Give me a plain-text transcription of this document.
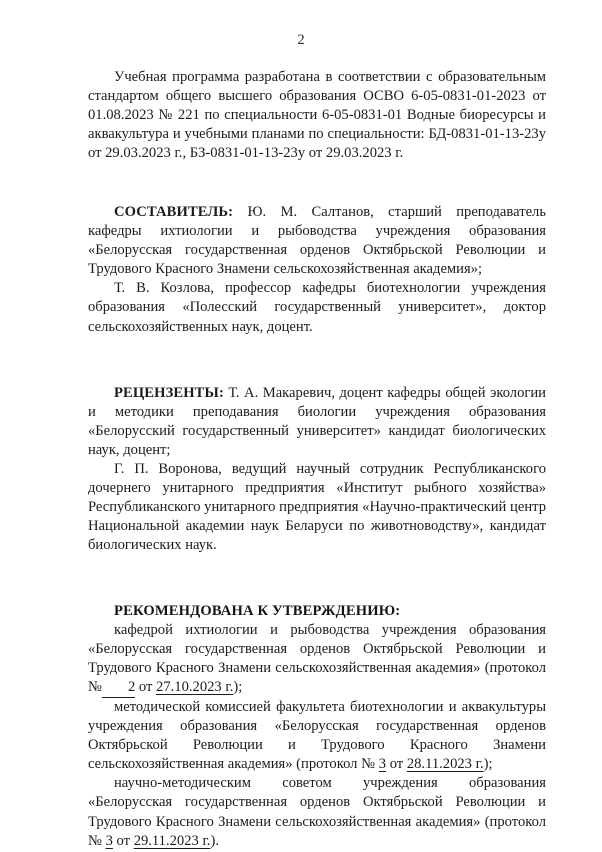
2

Учебная программа разработана в соответствии с образовательным стандартом общего высшего образования ОСВО 6-05-0831-01-2023 от 01.08.2023 № 221 по специальности 6-05-0831-01 Водные биоресурсы и аквакультура и учебными планами по специальности: БД-0831-01-13-23у от 29.03.2023 г., БЗ-0831-01-13-23у от 29.03.2023 г.

СОСТАВИТЕЛЬ: Ю. М. Салтанов, старший преподаватель кафедры ихтиологии и рыбоводства учреждения образования «Белорусская государственная орденов Октябрьской Революции и Трудового Красного Знамени сельскохозяйственная академия»;

Т. В. Козлова, профессор кафедры биотехнологии учреждения образования «Полесский государственный университет», доктор сельскохозяйственных наук, доцент.

РЕЦЕНЗЕНТЫ: Т. А. Макаревич, доцент кафедры общей экологии и методики преподавания биологии учреждения образования «Белорусский государственный университет» кандидат биологических наук, доцент;

Г. П. Воронова, ведущий научный сотрудник Республиканского дочернего унитарного предприятия «Институт рыбного хозяйства» Республиканского унитарного предприятия «Научно-практический центр Национальной академии наук Беларуси по животноводству», кандидат биологических наук.

РЕКОМЕНДОВАНА К УТВЕРЖДЕНИЮ:

кафедрой ихтиологии и рыбоводства учреждения образования «Белорусская государственная орденов Октябрьской Революции и Трудового Красного Знамени сельскохозяйственная академия» (протокол № 2 от 27.10.2023 г.);

методической комиссией факультета биотехнологии и аквакультуры учреждения образования «Белорусская государственная орденов Октябрьской Революции и Трудового Красного Знамени сельскохозяйственная академия» (протокол № 3 от 28.11.2023 г.);

научно-методическим советом учреждения образования «Белорусская государственная орденов Октябрьской Революции и Трудового Красного Знамени сельскохозяйственная академия» (протокол № 3 от 29.11.2023 г.).
